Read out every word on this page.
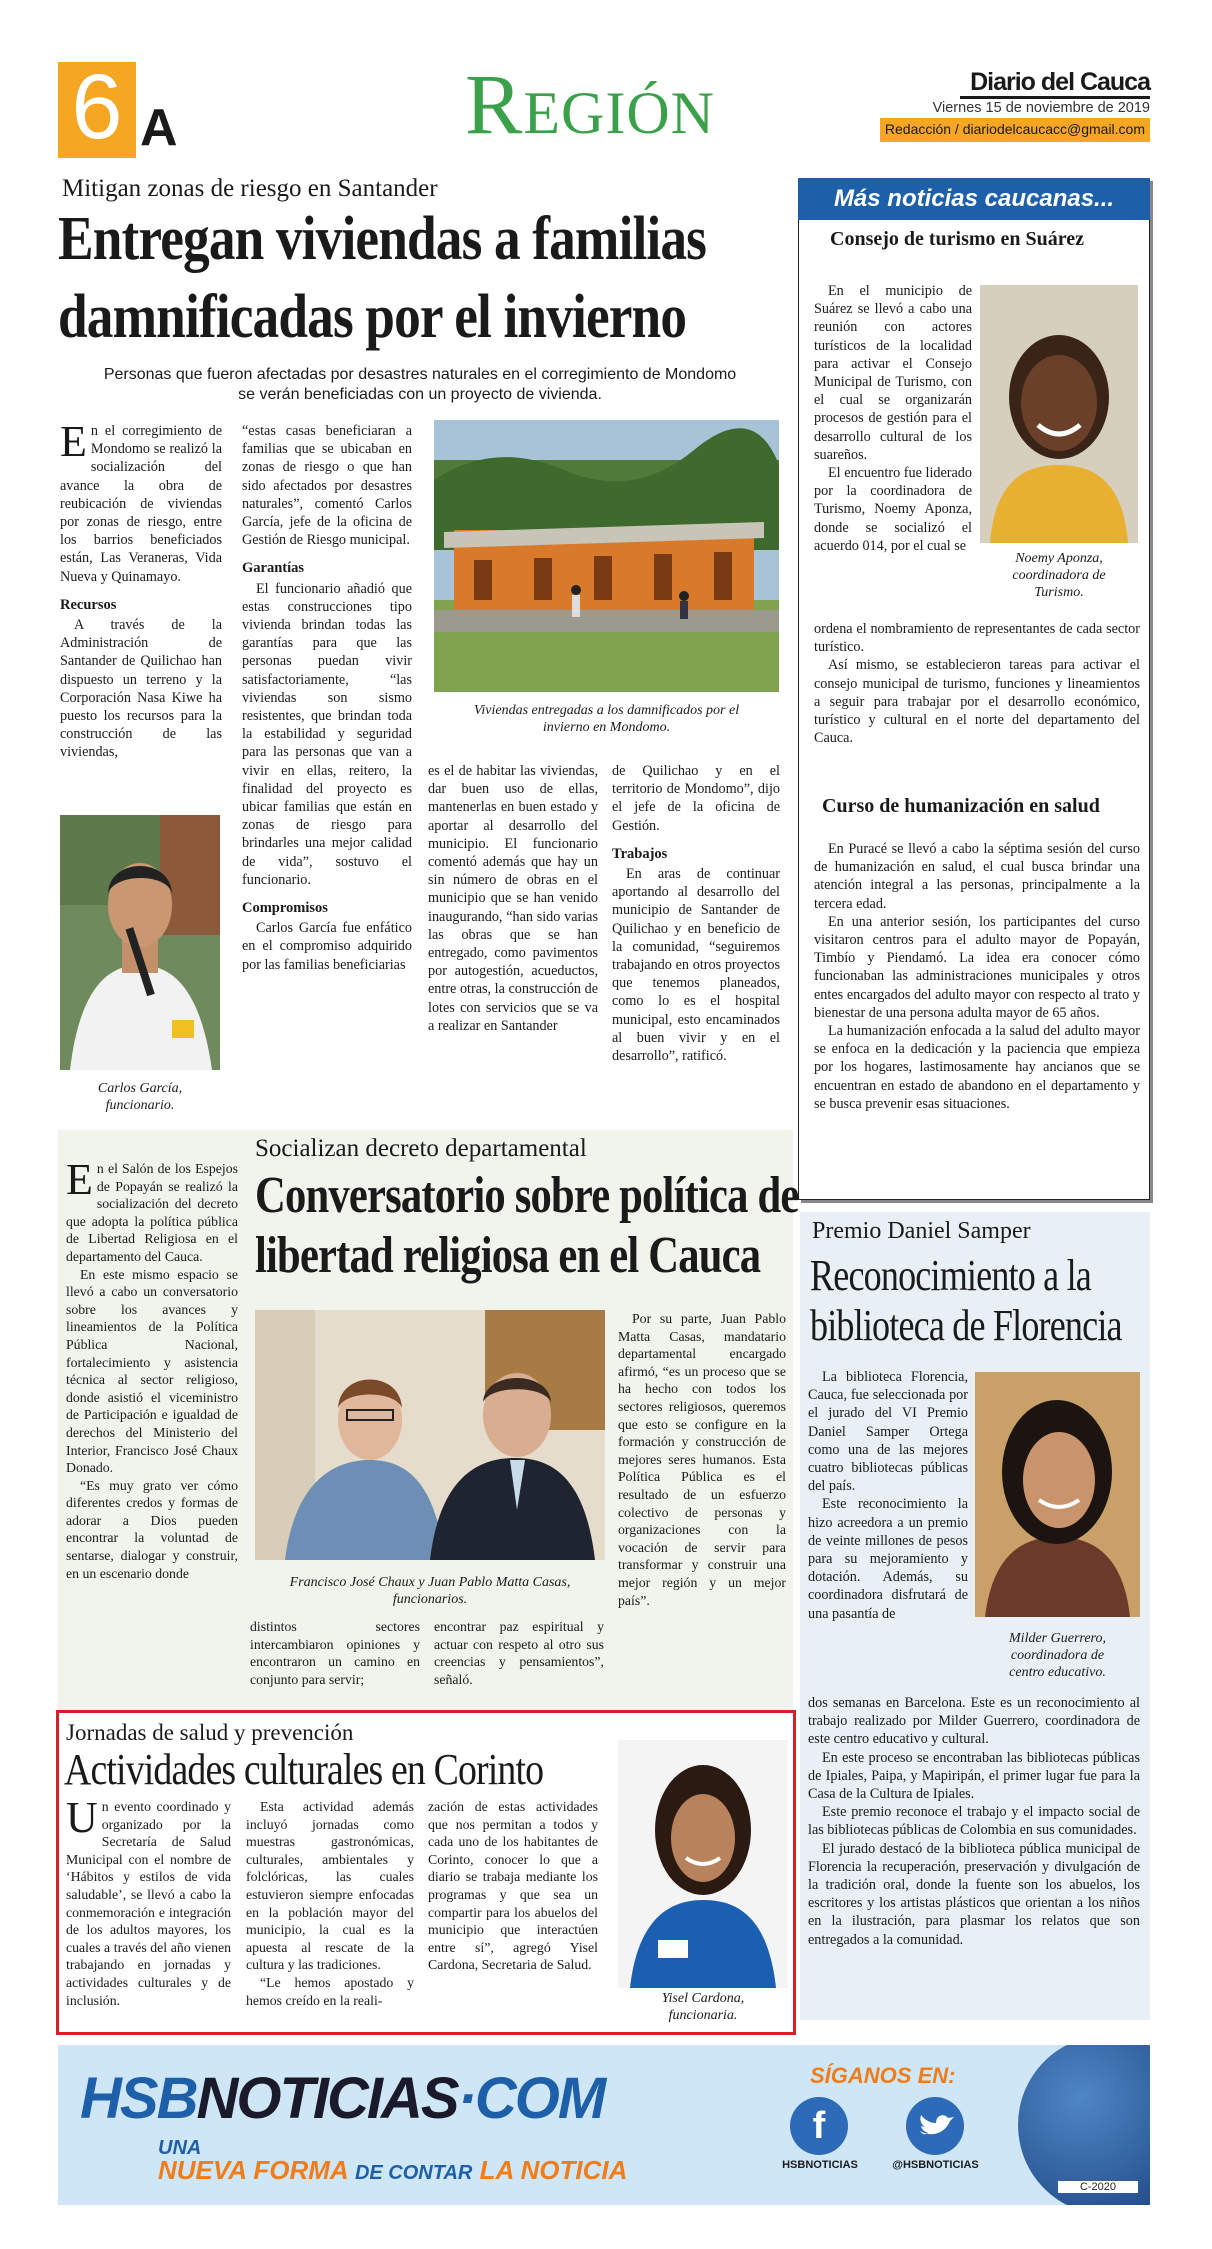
6 A	Región	Diario del Cauca
Viernes 15 de noviembre de 2019
Redacción / diariodelcaucacc@gmail.com
Mitigan zonas de riesgo en Santander
Entregan viviendas a familias
damnificadas por el invierno
Personas que fueron afectadas por desastres naturales en el corregimiento de Mondomo
se verán beneficiadas con un proyecto de vivienda.

En el corregimiento de Mondomo se realizó la socialización del avance la obra de reubicación de viviendas por zonas de riesgo, entre los barrios beneficiados están, Las Veraneras, Vida Nueva y Quinamayo.

Recursos

A través de la Administración de Santander de Quilichao han dispuesto un terreno y la Corporación Nasa Kiwe ha puesto los recursos para la construcción de las viviendas,

Carlos García,
funcionario.

“estas casas beneficiaran a familias que se ubicaban en zonas de riesgo o que han sido afectados por desastres naturales”, comentó Carlos García, jefe de la oficina de Gestión de Riesgo municipal.

Garantías

El funcionario añadió que estas construcciones tipo vivienda brindan todas las garantías para que las personas puedan vivir satisfactoriamente, “las viviendas son sismo resistentes, que brindan toda la estabilidad y seguridad para las personas que van a vivir en ellas, reitero, la finalidad del proyecto es ubicar familias que están en zonas de riesgo para brindarles una mejor calidad de vida”, sostuvo el funcionario.

Compromisos

Carlos García fue enfático en el compromiso adquirido por las familias beneficiarias

Viviendas entregadas a los damnificados por el
invierno en Mondomo.

es el de habitar las viviendas, dar buen uso de ellas, mantenerlas en buen estado y aportar al desarrollo del municipio. El funcionario comentó además que hay un sin número de obras en el municipio que se han venido inaugurando, “han sido varias las obras que se han entregado, como pavimentos por autogestión, acueductos, entre otras, la construcción de lotes con servicios que se va a realizar en Santander

de Quilichao y en el territorio de Mondomo”, dijo el jefe de la oficina de Gestión.

Trabajos

En aras de continuar aportando al desarrollo del municipio de Santander de Quilichao y en beneficio de la comunidad, “seguiremos trabajando en otros proyectos que tenemos planeados, como lo es el hospital municipal, esto encaminados al buen vivir y en el desarrollo”, ratificó.

Más noticias caucanas...
Consejo de turismo en Suárez

En el municipio de Suárez se llevó a cabo una reunión con actores turísticos de la localidad para activar el Consejo Municipal de Turismo, con el cual se organizarán procesos de gestión para el desarrollo cultural de los suareños.

El encuentro fue liderado por la coordinadora de Turismo, Noemy Aponza, donde se socializó el acuerdo 014, por el cual se

Noemy Aponza,
coordinadora de
Turismo.

ordena el nombramiento de representantes de cada sector turístico.

Así mismo, se establecieron tareas para activar el consejo municipal de turismo, funciones y lineamientos a seguir para trabajar por el desarrollo económico, turístico y cultural en el norte del departamento del Cauca.

Curso de humanización en salud

En Puracé se llevó a cabo la séptima sesión del curso de humanización en salud, el cual busca brindar una atención integral a las personas, principalmente a la tercera edad.

En una anterior sesión, los participantes del curso visitaron centros para el adulto mayor de Popayán, Timbío y Piendamó. La idea era conocer cómo funcionaban las administraciones municipales y otros entes encargados del adulto mayor con respecto al trato y bienestar de una persona adulta mayor de 65 años.

La humanización enfocada a la salud del adulto mayor se enfoca en la dedicación y la paciencia que empieza por los hogares, lastimosamente hay ancianos que se encuentran en estado de abandono en el departamento y se busca prevenir esas situaciones.

Socializan decreto departamental
Conversatorio sobre política de
libertad religiosa en el Cauca

En el Salón de los Espejos de Popayán se realizó la socialización del decreto que adopta la política pública de Libertad Religiosa en el departamento del Cauca.

En este mismo espacio se llevó a cabo un conversatorio sobre los avances y lineamientos de la Política Pública Nacional, fortalecimiento y asistencia técnica al sector religioso, donde asistió el viceministro de Participación e igualdad de derechos del Ministerio del Interior, Francisco José Chaux Donado.

“Es muy grato ver cómo diferentes credos y formas de adorar a Dios pueden encontrar la voluntad de sentarse, dialogar y construir, en un escenario donde

Francisco José Chaux y Juan Pablo Matta Casas,
funcionarios.

distintos sectores intercambiaron opiniones y encontraron un camino en conjunto para servir;

encontrar paz espiritual y actuar con respeto al otro sus creencias y pensamientos”, señaló.

Por su parte, Juan Pablo Matta Casas, mandatario departamental encargado afirmó, “es un proceso que se ha hecho con todos los sectores religiosos, queremos que esto se configure en la formación y construcción de mejores seres humanos. Esta Política Pública es el resultado de un esfuerzo colectivo de personas y organizaciones con la vocación de servir para transformar y construir una mejor región y un mejor país”.

Premio Daniel Samper
Reconocimiento a la
biblioteca de Florencia

La biblioteca Florencia, Cauca, fue seleccionada por el jurado del VI Premio Daniel Samper Ortega como una de las mejores cuatro bibliotecas públicas del país.

Este reconocimiento la hizo acreedora a un premio de veinte millones de pesos para su mejoramiento y dotación. Además, su coordinadora disfrutará de una pasantía de

Milder Guerrero,
coordinadora de
centro educativo.

dos semanas en Barcelona. Este es un reconocimiento al trabajo realizado por Milder Guerrero, coordinadora de este centro educativo y cultural.

En este proceso se encontraban las bibliotecas públicas de Ipiales, Paipa, y Mapiripán, el primer lugar fue para la Casa de la Cultura de Ipiales.

Este premio reconoce el trabajo y el impacto social de las bibliotecas públicas de Colombia en sus comunidades.

El jurado destacó de la biblioteca pública municipal de Florencia la recuperación, preservación y divulgación de la tradición oral, donde la fuente son los abuelos, los escritores y los artistas plásticos que orientan a los niños en la ilustración, para plasmar los relatos que son entregados a la comunidad.

Jornadas de salud y prevención
Actividades culturales en Corinto

Un evento coordinado y organizado por la Secretaría de Salud Municipal con el nombre de ‘Hábitos y estilos de vida saludable’, se llevó a cabo la conmemoración e integración de los adultos mayores, los cuales a través del año vienen trabajando en jornadas y actividades culturales y de inclusión.

Esta actividad además incluyó jornadas como muestras gastronómicas, culturales, ambientales y folclóricas, las cuales estuvieron siempre enfocadas en la población mayor del municipio, la cual es la apuesta al rescate de la cultura y las tradiciones.

“Le hemos apostado y hemos creído en la reali-

zación de estas actividades que nos permitan a todos y cada uno de los habitantes de Corinto, conocer lo que a diario se trabaja mediante los programas y que sea un compartir para los abuelos del municipio que interactúen entre sí”, agregó Yisel Cardona, Secretaria de Salud.

Yisel Cardona,
funcionaria.
HSBNOTICIAS·COM
UNA
NUEVA FORMA DE CONTAR LA NOTICIA
SÍGANOS EN:
f
HSBNOTICIAS	@HSBNOTICIAS
C-2020
